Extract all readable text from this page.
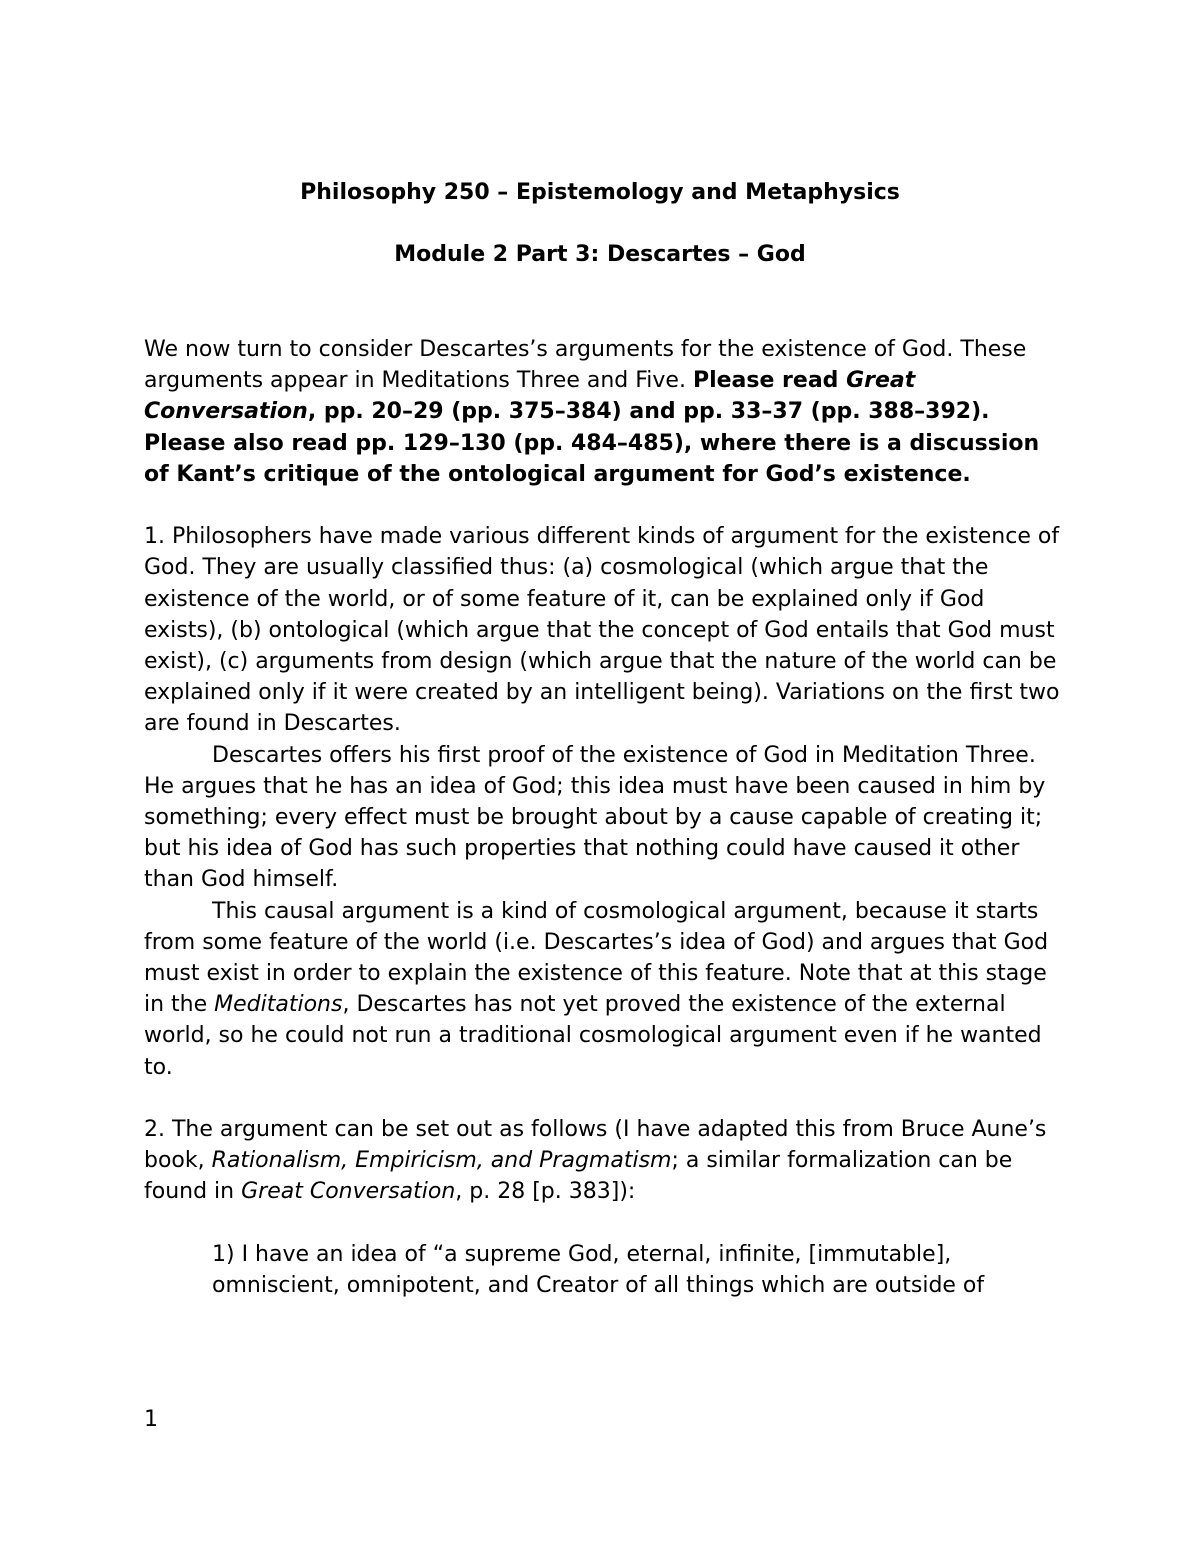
Philosophy 250 – Epistemology and Metaphysics
Module 2 Part 3: Descartes – God

We now turn to consider Descartes’s arguments for the existence of God. These arguments appear in Meditations Three and Five. Please read Great Conversation, pp. 20–29 (pp. 375–384) and pp. 33–37 (pp. 388–392). Please also read pp. 129–130 (pp. 484–485), where there is a discussion of Kant’s critique of the ontological argument for God’s existence.

1. Philosophers have made various different kinds of argument for the existence of God. They are usually classified thus: (a) cosmological (which argue that the existence of the world, or of some feature of it, can be explained only if God exists), (b) ontological (which argue that the concept of God entails that God must exist), (c) arguments from design (which argue that the nature of the world can be explained only if it were created by an intelligent being). Variations on the first two are found in Descartes.

Descartes offers his first proof of the existence of God in Meditation Three. He argues that he has an idea of God; this idea must have been caused in him by something; every effect must be brought about by a cause capable of creating it; but his idea of God has such properties that nothing could have caused it other than God himself.

This causal argument is a kind of cosmological argument, because it starts from some feature of the world (i.e. Descartes’s idea of God) and argues that God must exist in order to explain the existence of this feature. Note that at this stage in the Meditations, Descartes has not yet proved the existence of the external world, so he could not run a traditional cosmological argument even if he wanted to.

2. The argument can be set out as follows (I have adapted this from Bruce Aune’s book, Rationalism, Empiricism, and Pragmatism; a similar formalization can be found in Great Conversation, p. 28 [p. 383]):

1) I have an idea of “a supreme God, eternal, infinite, [immutable], omniscient, omnipotent, and Creator of all things which are outside of

1
